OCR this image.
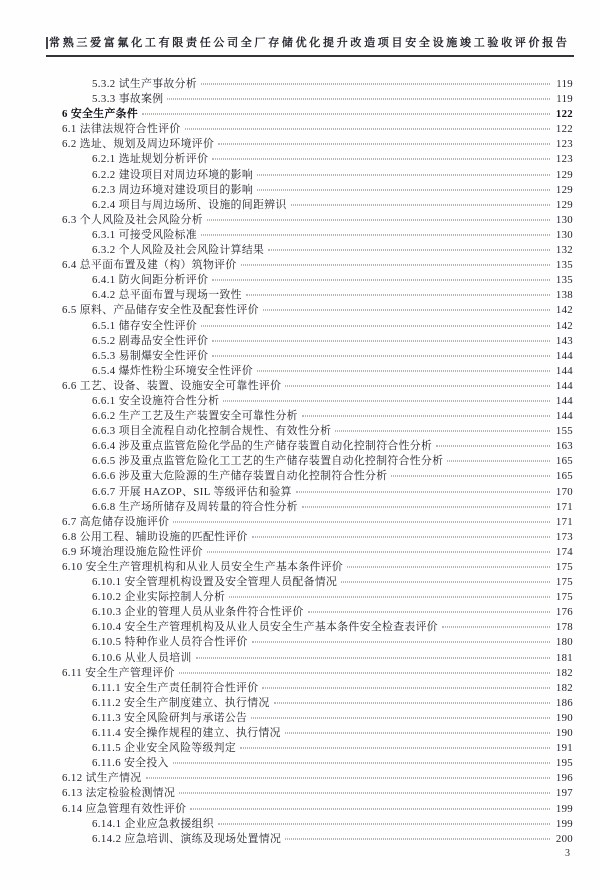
常熟三爱富氟化工有限责任公司全厂存储优化提升改造项目安全设施竣工验收评价报告
5.3.2 试生产事故分析	119
5.3.3 事故案例	119
6 安全生产条件	122
6.1 法律法规符合性评价	122
6.2 选址、规划及周边环境评价	123
6.2.1 选址规划分析评价	123
6.2.2 建设项目对周边环境的影响	129
6.2.3 周边环境对建设项目的影响	129
6.2.4 项目与周边场所、设施的间距辨识	129
6.3 个人风险及社会风险分析	130
6.3.1 可接受风险标准	130
6.3.2 个人风险及社会风险计算结果	132
6.4 总平面布置及建（构）筑物评价	135
6.4.1 防火间距分析评价	135
6.4.2 总平面布置与现场一致性	138
6.5 原料、产品储存安全性及配套性评价	142
6.5.1 储存安全性评价	142
6.5.2 剧毒品安全性评价	143
6.5.3 易制爆安全性评价	144
6.5.4 爆炸性粉尘环境安全性评价	144
6.6 工艺、设备、装置、设施安全可靠性评价	144
6.6.1 安全设施符合性分析	144
6.6.2 生产工艺及生产装置安全可靠性分析	144
6.6.3 项目全流程自动化控制合规性、有效性分析	155
6.6.4 涉及重点监管危险化学品的生产储存装置自动化控制符合性分析	163
6.6.5 涉及重点监管危险化工工艺的生产储存装置自动化控制符合性分析	165
6.6.6 涉及重大危险源的生产储存装置自动化控制符合性分析	165
6.6.7 开展 HAZOP、SIL 等级评估和验算	170
6.6.8 生产场所储存及周转量的符合性分析	171
6.7 高危储存设施评价	171
6.8 公用工程、辅助设施的匹配性评价	173
6.9 环境治理设施危险性评价	174
6.10 安全生产管理机构和从业人员安全生产基本条件评价	175
6.10.1 安全管理机构设置及安全管理人员配备情况	175
6.10.2 企业实际控制人分析	175
6.10.3 企业的管理人员从业条件符合性评价	176
6.10.4 安全生产管理机构及从业人员安全生产基本条件安全检查表评价	178
6.10.5 特种作业人员符合性评价	180
6.10.6 从业人员培训	181
6.11 安全生产管理评价	182
6.11.1 安全生产责任制符合性评价	182
6.11.2 安全生产制度建立、执行情况	186
6.11.3 安全风险研判与承诺公告	190
6.11.4 安全操作规程的建立、执行情况	190
6.11.5 企业安全风险等级判定	191
6.11.6 安全投入	195
6.12 试生产情况	196
6.13 法定检验检测情况	197
6.14 应急管理有效性评价	199
6.14.1 企业应急救援组织	199
6.14.2 应急培训、演练及现场处置情况	200
3
